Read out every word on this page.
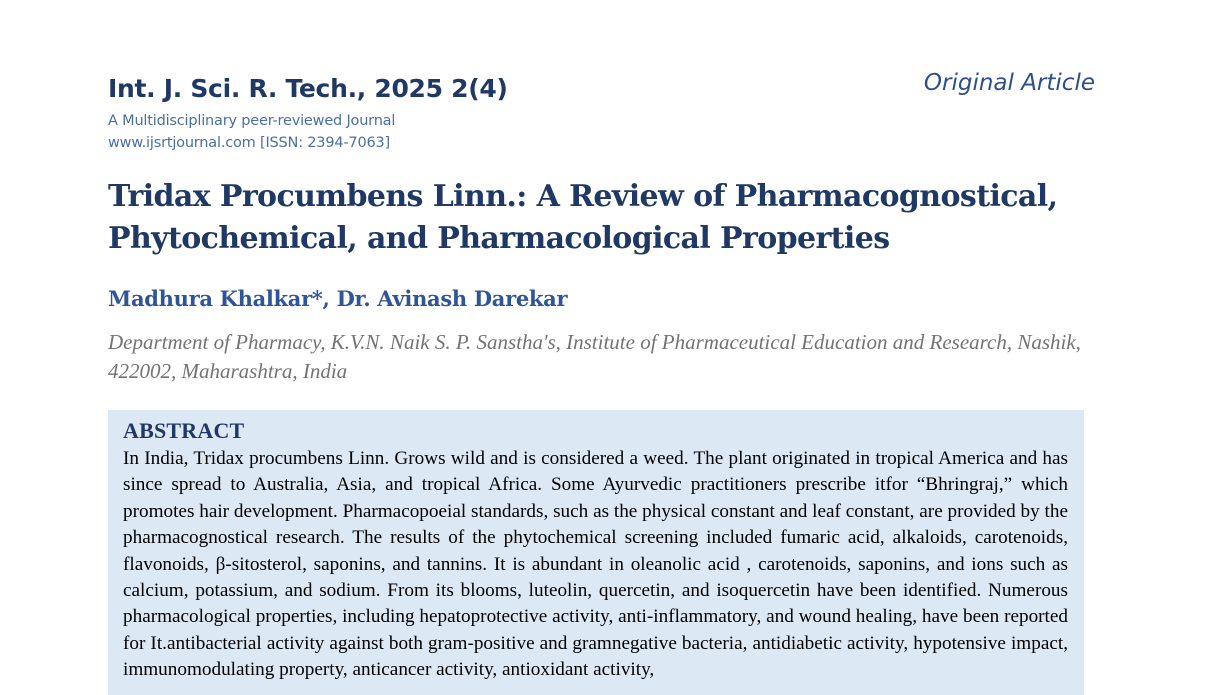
Int. J. Sci. R. Tech., 2025 2(4)	Original Article
A Multidisciplinary peer-reviewed Journal
www.ijsrtjournal.com [ISSN: 2394-7063]
Tridax Procumbens Linn.: A Review of Pharmacognostical, Phytochemical, and Pharmacological Properties
Madhura Khalkar*, Dr. Avinash Darekar
Department of Pharmacy, K.V.N. Naik S. P. Sanstha's, Institute of Pharmaceutical Education and Research, Nashik, 422002, Maharashtra, India
ABSTRACT

In India, Tridax procumbens Linn. Grows wild and is considered a weed. The plant originated in tropical America and has since spread to Australia, Asia, and tropical Africa. Some Ayurvedic practitioners prescribe itfor “Bhringraj,” which promotes hair development. Pharmacopoeial standards, such as the physical constant and leaf constant, are provided by the pharmacognostical research. The results of the phytochemical screening included fumaric acid, alkaloids, carotenoids, flavonoids, β-sitosterol, saponins, and tannins. It is abundant in oleanolic acid , carotenoids, saponins, and ions such as calcium, potassium, and sodium. From its blooms, luteolin, quercetin, and isoquercetin have been identified. Numerous pharmacological properties, including hepatoprotective activity, anti-inflammatory, and wound healing, have been reported for It.antibacterial activity against both gram-positive and gramnegative bacteria, antidiabetic activity, hypotensive impact, immunomodulating property, anticancer activity, antioxidant activity,
